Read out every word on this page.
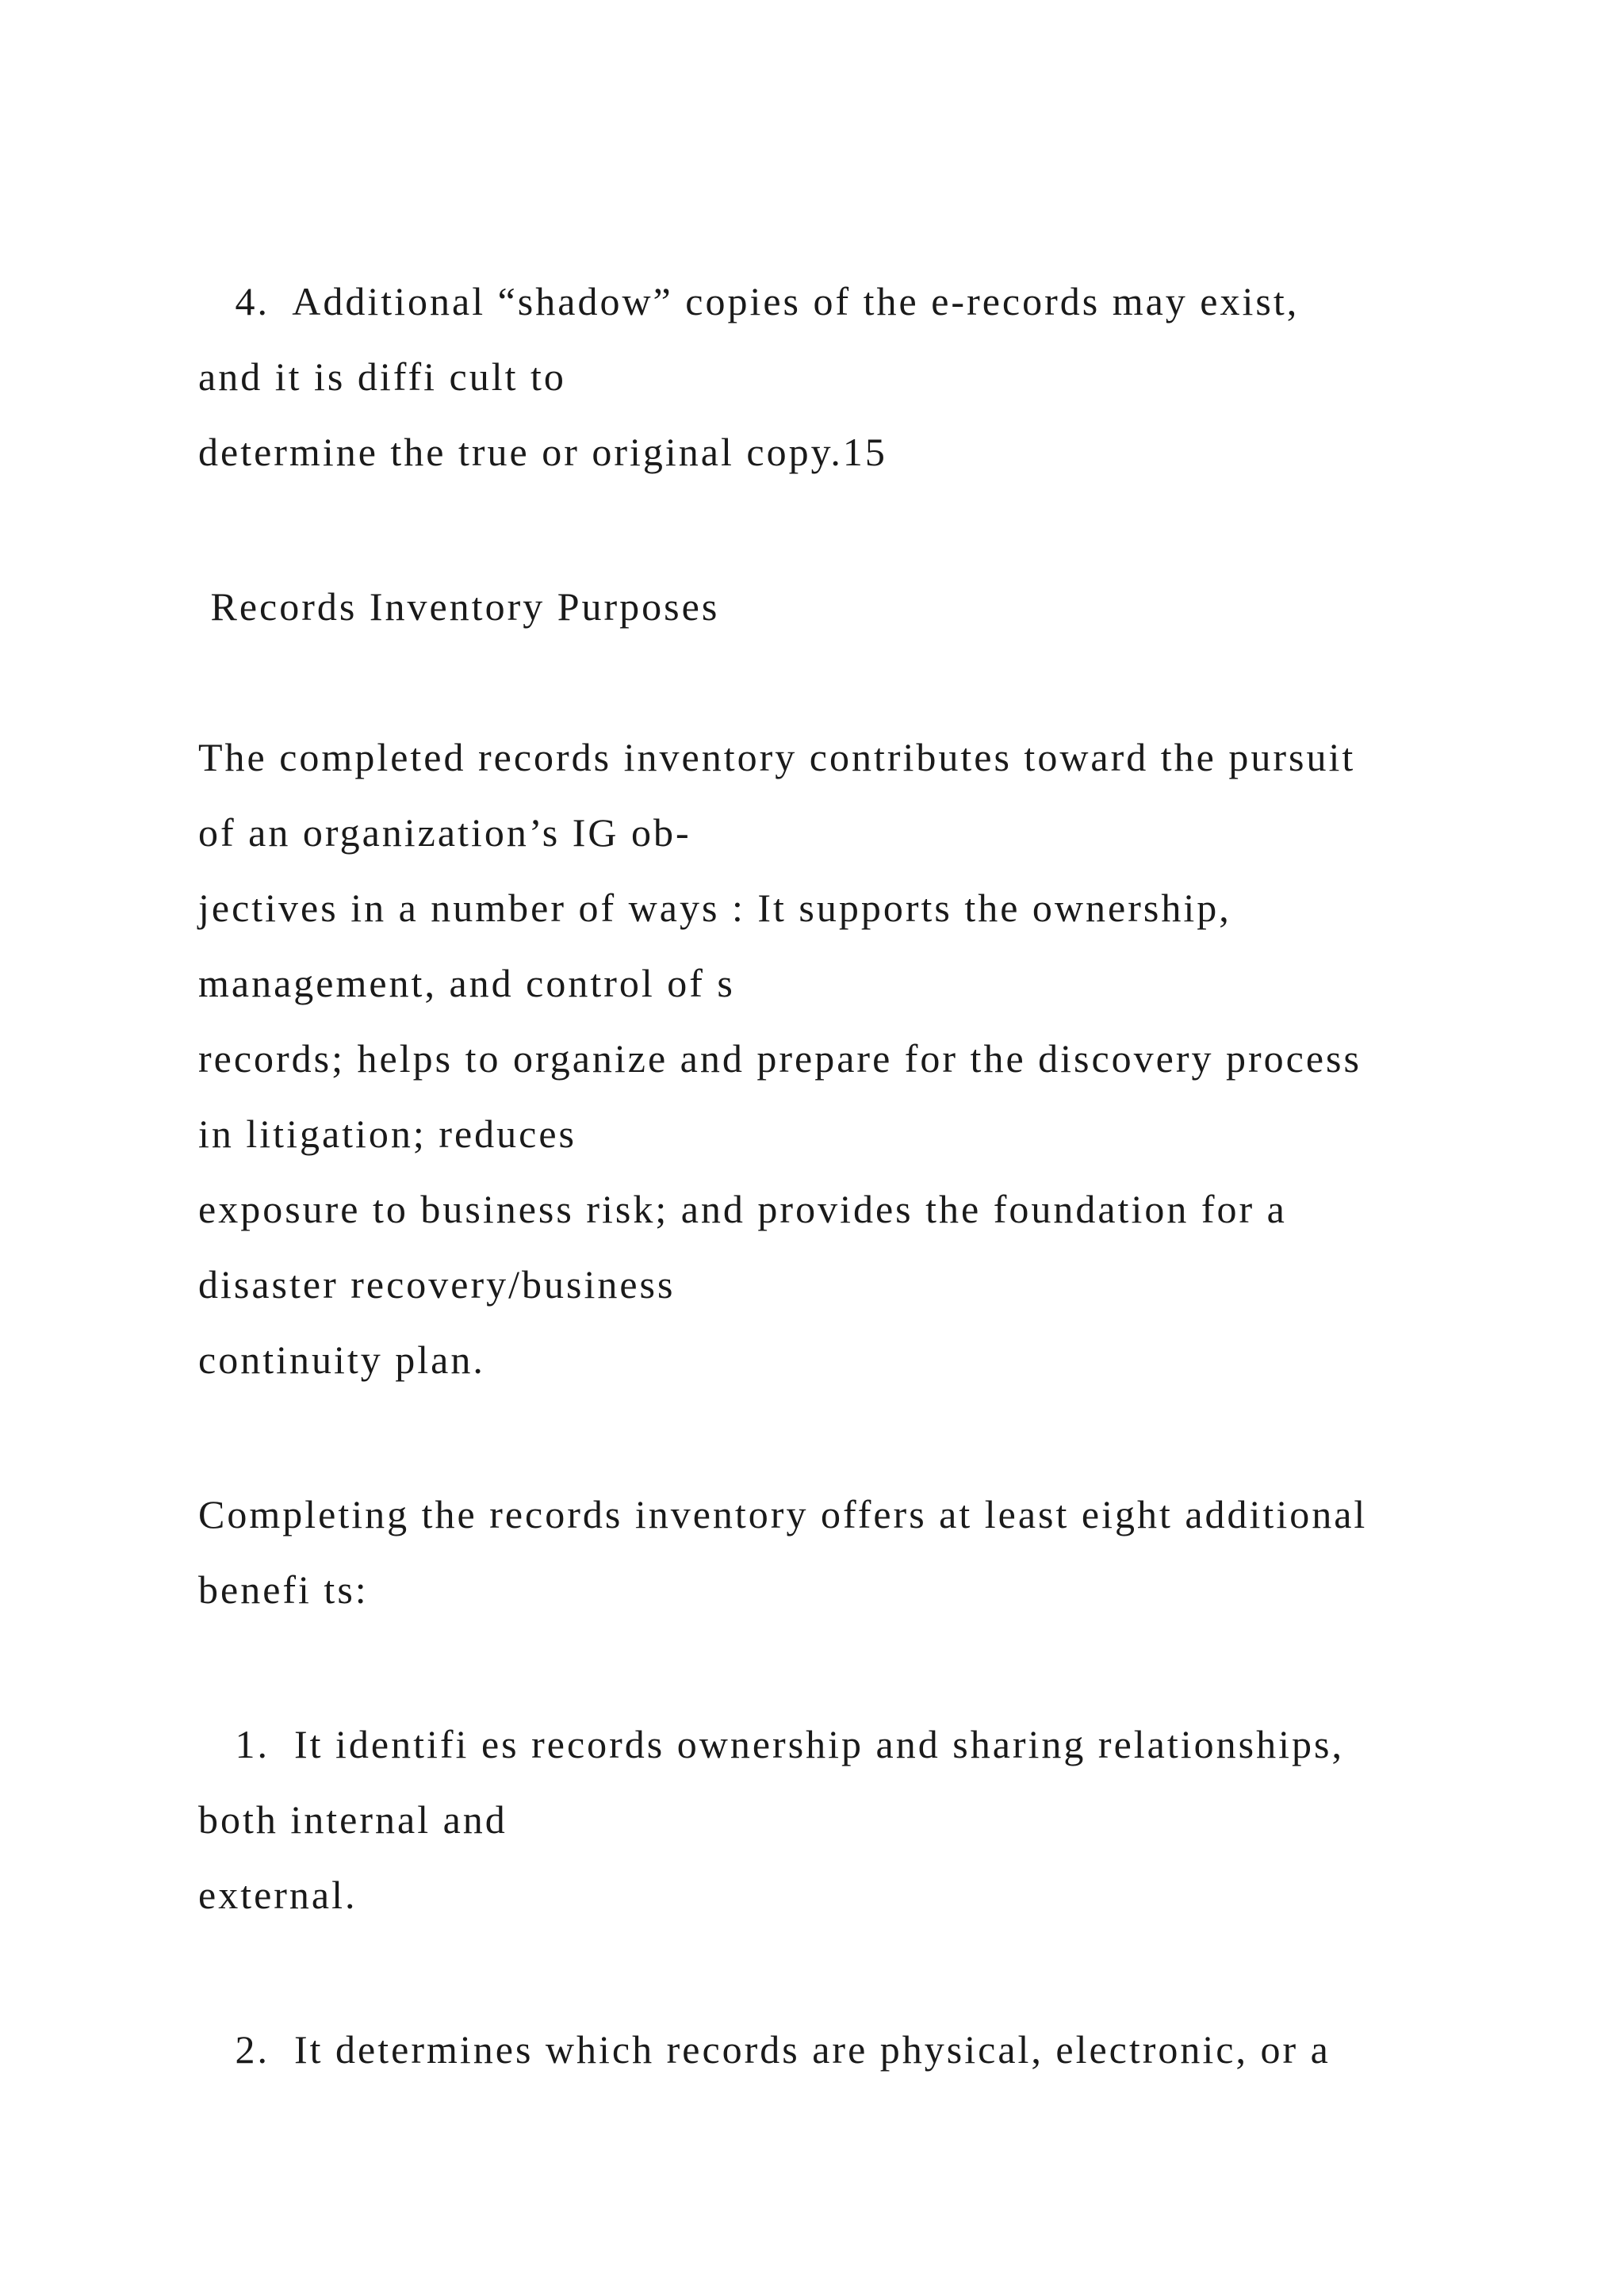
4.  Additional “shadow” copies of the e-records may exist,

and it is diffi cult to

determine the true or original copy.15

Records Inventory Purposes

The completed records inventory contributes toward the pursuit

of an organization’s IG ob-

jectives in a number of ways : It supports the ownership,

management, and control of s

records; helps to organize and prepare for the discovery process

in litigation; reduces

exposure to business risk; and provides the foundation for a

disaster recovery/business

continuity plan.

Completing the records inventory offers at least eight additional

benefi ts:

1.  It identifi es records ownership and sharing relationships,

both internal and

external.

2.  It determines which records are physical, electronic, or a
